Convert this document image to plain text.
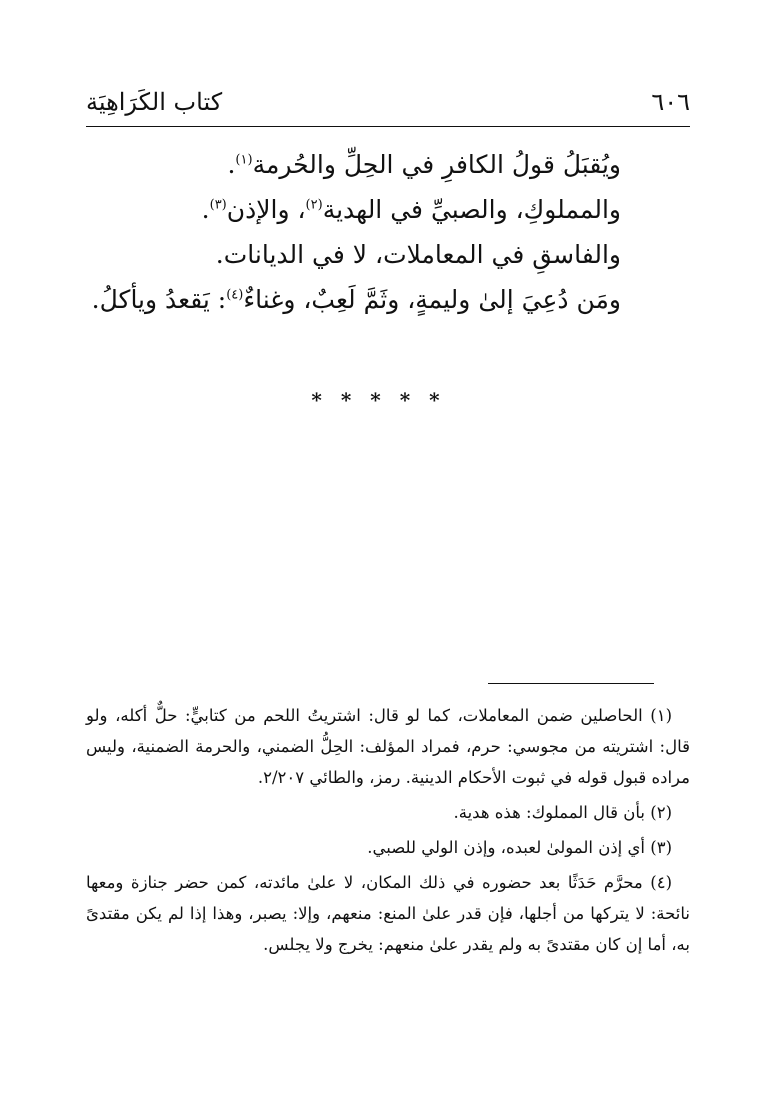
٦٠٦
كتاب الكَرَاهِيَة

ويُقبَلُ قولُ الكافرِ في الحِلِّ والحُرمة$^{(١)}$.

والمملوكِ، والصبيِّ في الهدية$^{(٢)}$، والإذن$^{(٣)}$.

والفاسقِ في المعاملات، لا في الديانات.

ومَن دُعِيَ إلىٰ وليمةٍ، وثَمَّ لَعِبٌ، وغناءٌ$^{(٤)}$: يَقعدُ ويأكلُ.

* * * * *

(١) الحاصلين ضمن المعاملات، كما لو قال: اشتريتُ اللحم من كتابيٍّ: حلٌّ أكله، ولو قال: اشتريته من مجوسي: حرم، فمراد المؤلف: الحِلُّ الضمني، والحرمة الضمنية، وليس مراده قبول قوله في ثبوت الأحكام الدينية. رمز، والطائي ٢/٢٠٧.

(٢) بأن قال المملوك: هذه هدية.

(٣) أي إذن المولىٰ لعبده، وإذن الولي للصبي.

(٤) محرَّم حَدَثًا بعد حضوره في ذلك المكان، لا علىٰ مائدته، كمن حضر جنازة ومعها نائحة: لا يتركها من أجلها، فإن قدر علىٰ المنع: منعهم، وإلا: يصبر، وهذا إذا لم يكن مقتدىً به، أما إن كان مقتدىً به ولم يقدر علىٰ منعهم: يخرج ولا يجلس.
